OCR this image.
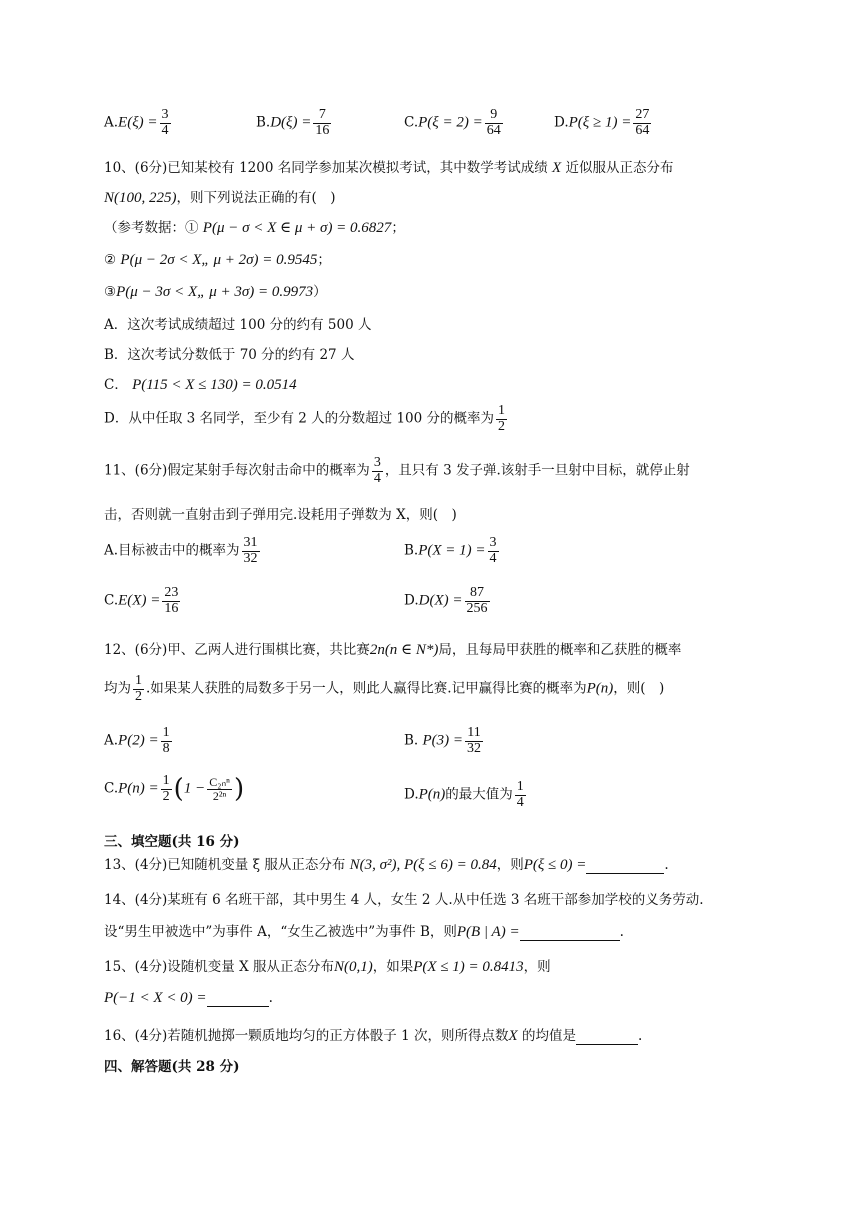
$A.E(\xi) = \frac{3}{4}$	$B.D(\xi) = \frac{7}{16}$	$C.P(\xi = 2) = \frac{9}{64}$	$D.P(\xi \ge 1) = \frac{27}{64}$
10、(6分)已知某校有 1200 名同学参加某次模拟考试，其中数学考试成绩 X 近似服从正态分布
N(100, 225)，则下列说法正确的有(　)
（参考数据：① P(μ − σ < X ∈ μ + σ) = 0.6827；
② P(μ − 2σ < X„ μ + 2σ) = 0.9545；
③P(μ − 3σ < X„ μ + 3σ) = 0.9973）
A．这次考试成绩超过 100 分的约有 500 人
B．这次考试分数低于 70 分的约有 27 人
C． P(115 < X ≤ 130) = 0.0514
D．从中任取 3 名同学，至少有 2 人的分数超过 100 分的概率为 $\frac{1}{2}$
11、(6分)假定某射手每次射击命中的概率为 $\frac{3}{4}$ ，且只有 3 发子弹.该射手一旦射中目标，就停止射
击，否则就一直射击到子弹用完.设耗用子弹数为 X，则(　)
A.目标被击中的概率为 $\frac{31}{32}$	$B.P(X = 1) = \frac{3}{4}$
$C.E(X) = \frac{23}{16}$	$D.D(X) = \frac{87}{256}$
12、(6分)甲、乙两人进行围棋比赛，共比赛2n(n ∈ N*)局，且每局甲获胜的概率和乙获胜的概率
均为 $\frac{1}{2}$ .如果某人获胜的局数多于另一人，则此人赢得比赛.记甲赢得比赛的概率为P(n)，则(　)
$A.P(2) = \frac{1}{8}$	B. $P(3) = \frac{11}{32}$
$C.P(n) = \frac{1}{2} (1 - \frac{\text{C₂ₙⁿ}}{\text{2²ⁿ}}$ )	D.P(n)的最大值为 $\frac{1}{4}$
三、填空题(共 16 分)
13、(4分)已知随机变量 ξ 服从正态分布 N(3, σ²), P(ξ ≤ 6) = 0.84，则P(ξ ≤ 0) =	.
14、(4分)某班有 6 名班干部，其中男生 4 人，女生 2 人.从中任选 3 名班干部参加学校的义务劳动.
设“男生甲被选中”为事件 A，“女生乙被选中”为事件 B，则P(B | A) =	.
15、(4分)设随机变量 X 服从正态分布N(0,1)，如果P(X ≤ 1) = 0.8413，则
P(−1 < X < 0) =	.
16、(4分)若随机抛掷一颗质地均匀的正方体骰子 1 次，则所得点数X 的均值是	.
四、解答题(共 28 分)
